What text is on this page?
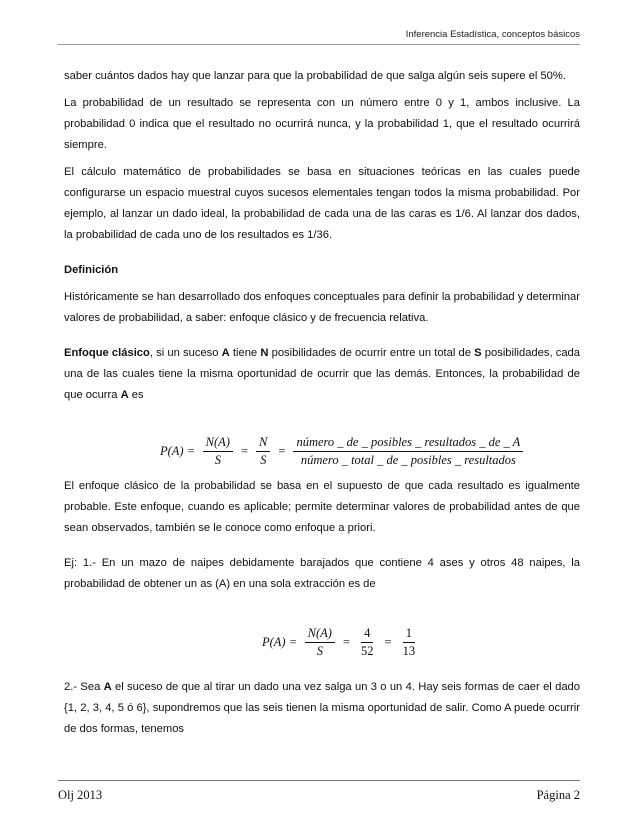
Inferencia Estadística, conceptos básicos

saber cuántos dados hay que lanzar para que la probabilidad de que salga algún seis supere el 50%.

La probabilidad de un resultado se representa con un número entre 0 y 1, ambos inclusive. La probabilidad 0 indica que el resultado no ocurrirá nunca, y la probabilidad 1, que el resultado ocurrirá siempre.

El cálculo matemático de probabilidades se basa en situaciones teóricas en las cuales puede configurarse un espacio muestral cuyos sucesos elementales tengan todos la misma probabilidad. Por ejemplo, al lanzar un dado ideal, la probabilidad de cada una de las caras es 1/6. Al lanzar dos dados, la probabilidad de cada uno de los resultados es 1/36.

Definición

Históricamente se han desarrollado dos enfoques conceptuales para definir la probabilidad y determinar valores de probabilidad, a saber: enfoque clásico y de frecuencia relativa.

Enfoque clásico, si un suceso A tiene N posibilidades de ocurrir entre un total de S posibilidades, cada una de las cuales tiene la misma oportunidad de ocurrir que las demás. Entonces, la probabilidad de que ocurra A es

El enfoque clásico de la probabilidad se basa en el supuesto de que cada resultado es igualmente probable. Este enfoque, cuando es aplicable; permite determinar valores de probabilidad antes de que sean observados, también se le conoce como enfoque a priori.

Ej: 1.- En un mazo de naipes debidamente barajados que contiene 4 ases y otros 48 naipes, la probabilidad de obtener un as (A) en una sola extracción es de

2.- Sea A el suceso de que al tirar un dado una vez salga un 3 o un 4. Hay seis formas de caer el dado {1, 2, 3, 4, 5 ó 6}, supondremos que las seis tienen la misma oportunidad de salir. Como A puede ocurrir de dos formas, tenemos

$P(A) = \frac{N(A)}{S} = \frac{N}{S} = \frac{\text{número \_ de \_ posibles \_ resultados \_ de \_ A}}{\text{número \_ total \_ de \_ posibles \_ resultados}}$
$P(A) = \frac{N(A)}{S} = \frac{4}{52} = \frac{1}{13}$
Olj 2013	Página 2
